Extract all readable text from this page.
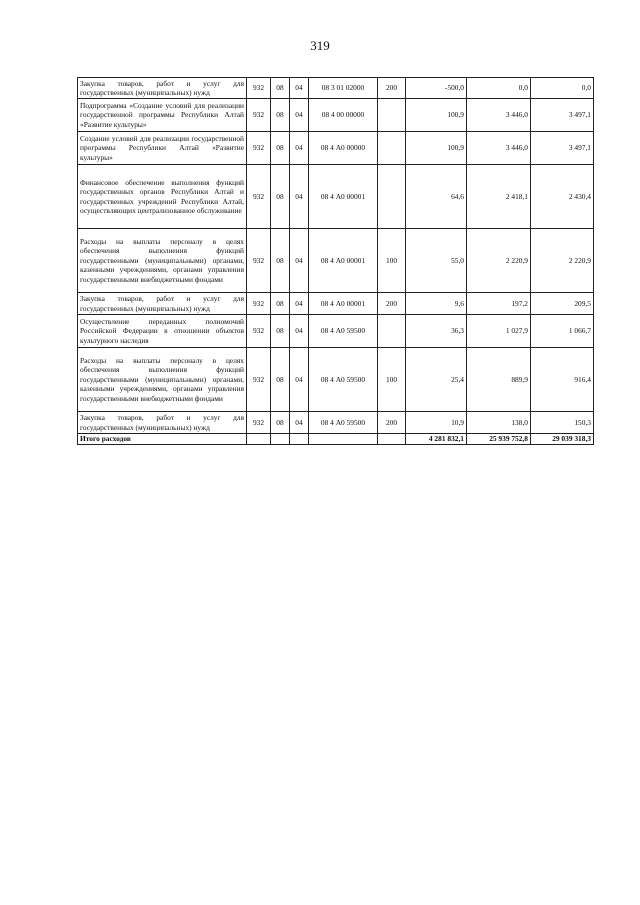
319
Закупка товаров, работ и услуг для государственных (муниципальных) нужд	932	08	04	08 3 01 02000	200	-500,0	0,0	0,0
Подпрограмма «Создание условий для реализации государственной программы Республики Алтай «Развитие культуры»	932	08	04	08 4 00 00000		100,9	3 446,0	3 497,1
Создание условий для реализации государственной программы Республики Алтай «Развитие культуры»	932	08	04	08 4 А0 00000		100,9	3 446,0	3 497,1
Финансовое обеспечение выполнения функций государственных органов Республики Алтай и государственных учреждений Республики Алтай, осуществляющих централизованное обслуживание	932	08	04	08 4 А0 00001		64,6	2 418,1	2 430,4
Расходы на выплаты персоналу в целях обеспечения выполнения функций государственными (муниципальными) органами, казенными учреждениями, органами управления государственными внебюджетными фондами	932	08	04	08 4 А0 00001	100	55,0	2 220,9	2 220,9
Закупка товаров, работ и услуг для государственных (муниципальных) нужд	932	08	04	08 4 А0 00001	200	9,6	197,2	209,5
Осуществление переданных полномочий Российской Федерации в отношении объектов культурного наследия	932	08	04	08 4 А0 59500		36,3	1 027,9	1 066,7
Расходы на выплаты персоналу в целях обеспечения выполнения функций государственными (муниципальными) органами, казенными учреждениями, органами управления государственными внебюджетными фондами	932	08	04	08 4 А0 59500	100	25,4	889,9	916,4
Закупка товаров, работ и услуг для государственных (муниципальных) нужд	932	08	04	08 4 А0 59500	200	10,9	138,0	150,3
Итого расходов						4 281 832,1	25 939 752,8	29 039 318,3
